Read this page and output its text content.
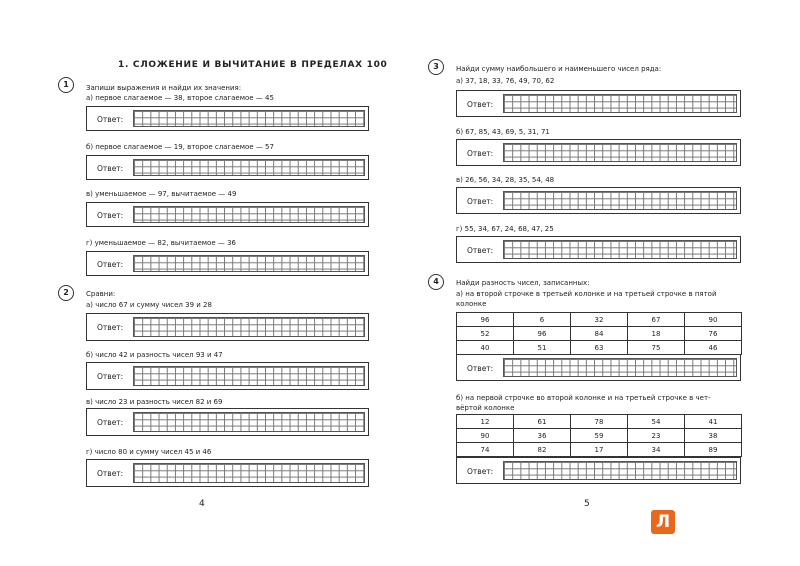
1. СЛОЖЕНИЕ И ВЫЧИТАНИЕ В ПРЕДЕЛАХ 100
1	Запиши выражения и найди их значения:
а) первое слагаемое — 38, второе слагаемое — 45
Ответ:
б) первое слагаемое — 19, второе слагаемое — 57
Ответ:
в) уменьшаемое — 97, вычитаемое — 49
Ответ:
г) уменьшаемое — 82, вычитаемое — 36
Ответ:
2	Сравни:
а) число 67 и сумму чисел 39 и 28
Ответ:
б) число 42 и разность чисел 93 и 47
Ответ:
в) число 23 и разность чисел 82 и 69
Ответ:
г) число 80 и сумму чисел 45 и 46
Ответ:
4
3	Найди сумму наибольшего и наименьшего чисел ряда:
а) 37, 18, 33, 76, 49, 70, 62
Ответ:
б) 67, 85, 43, 69, 5, 31, 71
Ответ:
в) 26, 56, 34, 28, 35, 54, 48
Ответ:
г) 55, 34, 67, 24, 68, 47, 25
Ответ:
4	Найди разность чисел, записанных:
а) на второй строчке в третьей колонке и на третьей строчке в пятой
колонке
96	6	32	67	90
52	96	84	18	76
40	51	63	75	46
Ответ:
б) на первой строчке во второй колонке и на третьей строчке в чет-
вёртой колонке
12	61	78	54	41
90	36	59	23	38
74	82	17	34	89
Ответ:
5
Л
